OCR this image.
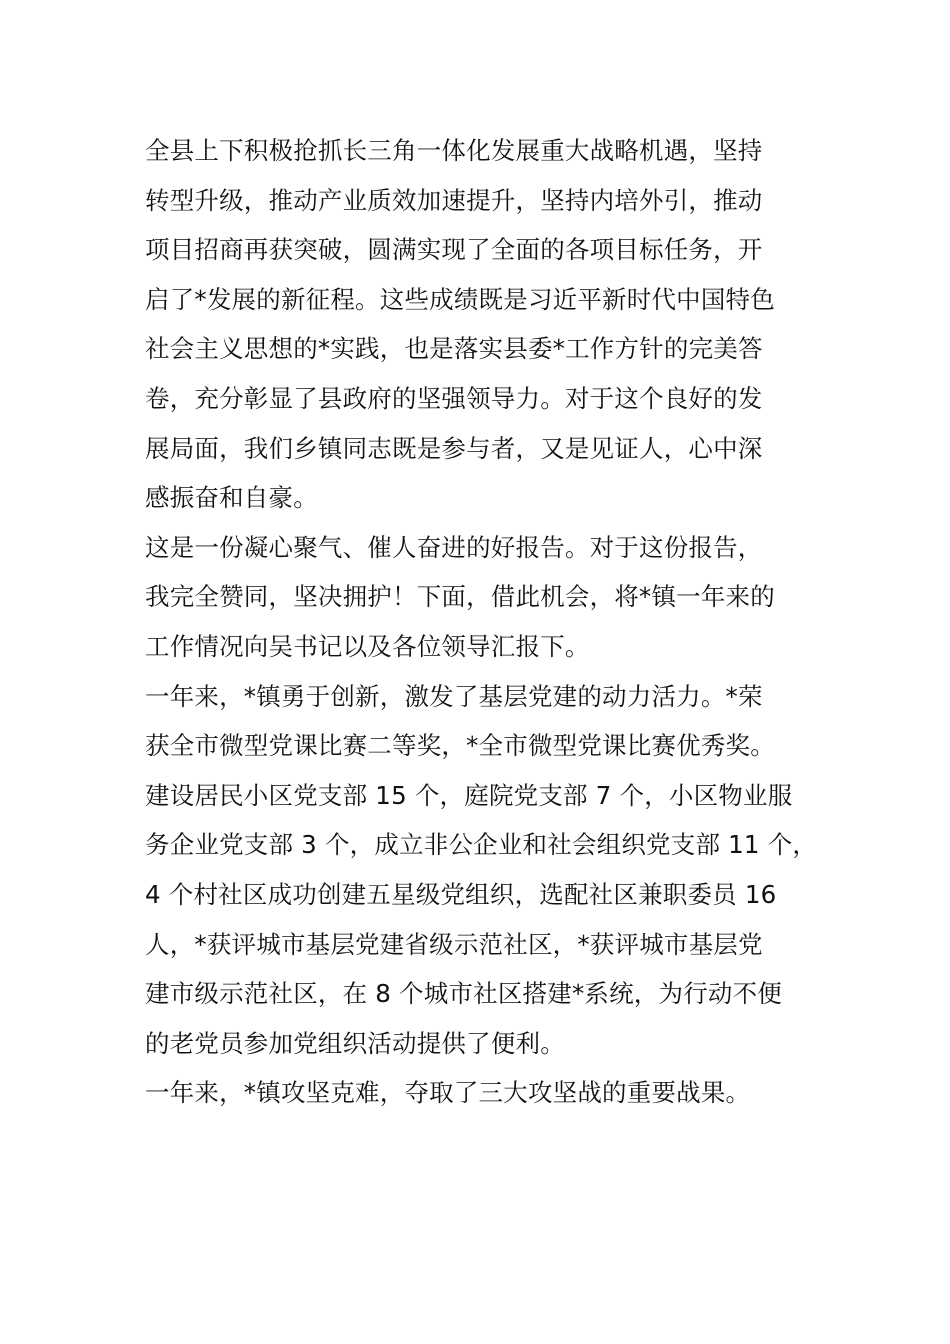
全县上下积极抢抓长三角一体化发展重大战略机遇，坚持
转型升级，推动产业质效加速提升，坚持内培外引，推动
项目招商再获突破，圆满实现了全面的各项目标任务，开
启了*发展的新征程。这些成绩既是习近平新时代中国特色
社会主义思想的*实践，也是落实县委*工作方针的完美答
卷，充分彰显了县政府的坚强领导力。对于这个良好的发
展局面，我们乡镇同志既是参与者，又是见证人，心中深
感振奋和自豪。

这是一份凝心聚气、催人奋进的好报告。对于这份报告，
我完全赞同，坚决拥护！下面，借此机会，将*镇一年来的
工作情况向吴书记以及各位领导汇报下。

一年来，*镇勇于创新，激发了基层党建的动力活力。*荣
获全市微型党课比赛二等奖，*全市微型党课比赛优秀奖。
建设居民小区党支部 15 个，庭院党支部 7 个，小区物业服
务企业党支部 3 个，成立非公企业和社会组织党支部 11 个，
4 个村社区成功创建五星级党组织，选配社区兼职委员 16
人，*获评城市基层党建省级示范社区，*获评城市基层党
建市级示范社区，在 8 个城市社区搭建*系统，为行动不便
的老党员参加党组织活动提供了便利。

一年来，*镇攻坚克难，夺取了三大攻坚战的重要战果。
